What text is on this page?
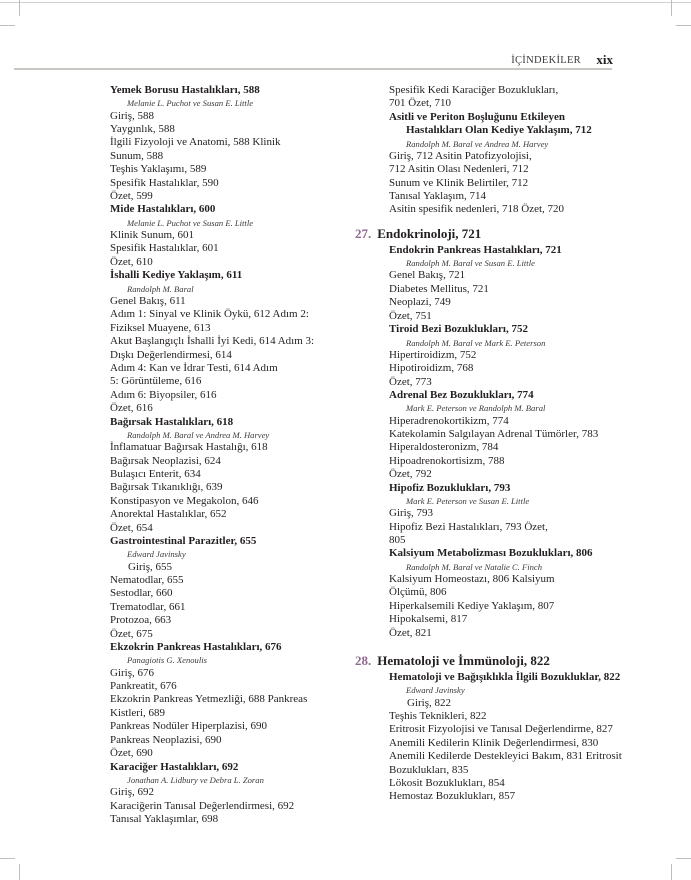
İÇİNDEKİLER xix
Yemek Borusu Hastalıkları, 588
Melanie L. Puchot ve Susan E. Little
Giriş, 588
Yaygınlık, 588
İlgili Fizyoloji ve Anatomi, 588 Klinik
Sunum, 588
Teşhis Yaklaşımı, 589
Spesifik Hastalıklar, 590
Özet, 599
Mide Hastalıkları, 600
Melanie L. Puchot ve Susan E. Little
Klinik Sunum, 601
Spesifik Hastalıklar, 601
Özet, 610
İshalli Kediye Yaklaşım, 611
Randolph M. Baral
Genel Bakış, 611
Adım 1: Sinyal ve Klinik Öykü, 612 Adım 2:
Fiziksel Muayene, 613
Akut Başlangıçlı İshalli İyi Kedi, 614 Adım 3:
Dışkı Değerlendirmesi, 614
Adım 4: Kan ve İdrar Testi, 614 Adım
5: Görüntüleme, 616
Adım 6: Biyopsiler, 616
Özet, 616
Bağırsak Hastalıkları, 618
Randolph M. Baral ve Andrea M. Harvey
İnflamatuar Bağırsak Hastalığı, 618
Bağırsak Neoplazisi, 624
Bulaşıcı Enterit, 634
Bağırsak Tıkanıklığı, 639
Konstipasyon ve Megakolon, 646
Anorektal Hastalıklar, 652
Özet, 654
Gastrointestinal Parazitler, 655
Edward Javinsky
Giriş, 655
Nematodlar, 655
Sestodlar, 660
Trematodlar, 661
Protozoa, 663
Özet, 675
Ekzokrin Pankreas Hastalıkları, 676
Panagiotis G. Xenoulis
Giriş, 676
Pankreatit, 676
Ekzokrin Pankreas Yetmezliği, 688 Pankreas
Kistleri, 689
Pankreas Nodüler Hiperplazisi, 690
Pankreas Neoplazisi, 690
Özet, 690
Karaciğer Hastalıkları, 692
Jonathan A. Lidbury ve Debra L. Zoran
Giriş, 692
Karaciğerin Tanısal Değerlendirmesi, 692
Tanısal Yaklaşımlar, 698
Spesifik Kedi Karaciğer Bozuklukları,
701 Özet, 710
Asitli ve Periton Boşluğunu Etkileyen
Hastalıkları Olan Kediye Yaklaşım, 712
Randolph M. Baral ve Andrea M. Harvey
Giriş, 712 Asitin Patofizyolojisi,
712 Asitin Olası Nedenleri, 712
Sunum ve Klinik Belirtiler, 712
Tanısal Yaklaşım, 714
Asitin spesifik nedenleri, 718 Özet, 720
27. Endokrinoloji, 721
Endokrin Pankreas Hastalıkları, 721
Randolph M. Baral ve Susan E. Little
Genel Bakış, 721
Diabetes Mellitus, 721
Neoplazi, 749
Özet, 751
Tiroid Bezi Bozuklukları, 752
Randolph M. Baral ve Mark E. Peterson
Hipertiroidizm, 752
Hipotiroidizm, 768
Özet, 773
Adrenal Bez Bozuklukları, 774
Mark E. Peterson ve Randolph M. Baral
Hiperadrenokortikizm, 774
Katekolamin Salgılayan Adrenal Tümörler, 783
Hiperaldosteronizm, 784
Hipoadrenokortisizm, 788
Özet, 792
Hipofiz Bozuklukları, 793
Mark E. Peterson ve Susan E. Little
Giriş, 793
Hipofiz Bezi Hastalıkları, 793 Özet,
805
Kalsiyum Metabolizması Bozuklukları, 806
Randolph M. Baral ve Natalie C. Finch
Kalsiyum Homeostazı, 806 Kalsiyum
Ölçümü, 806
Hiperkalsemili Kediye Yaklaşım, 807
Hipokalsemi, 817
Özet, 821
28. Hematoloji ve İmmünoloji, 822
Hematoloji ve Bağışıklıkla İlgili Bozukluklar, 822
Edward Javinsky
Giriş, 822
Teşhis Teknikleri, 822
Eritrosit Fizyolojisi ve Tanısal Değerlendirme, 827
Anemili Kedilerin Klinik Değerlendirmesi, 830
Anemili Kedilerde Destekleyici Bakım, 831 Eritrosit
Bozuklukları, 835
Lökosit Bozuklukları, 854
Hemostaz Bozuklukları, 857
